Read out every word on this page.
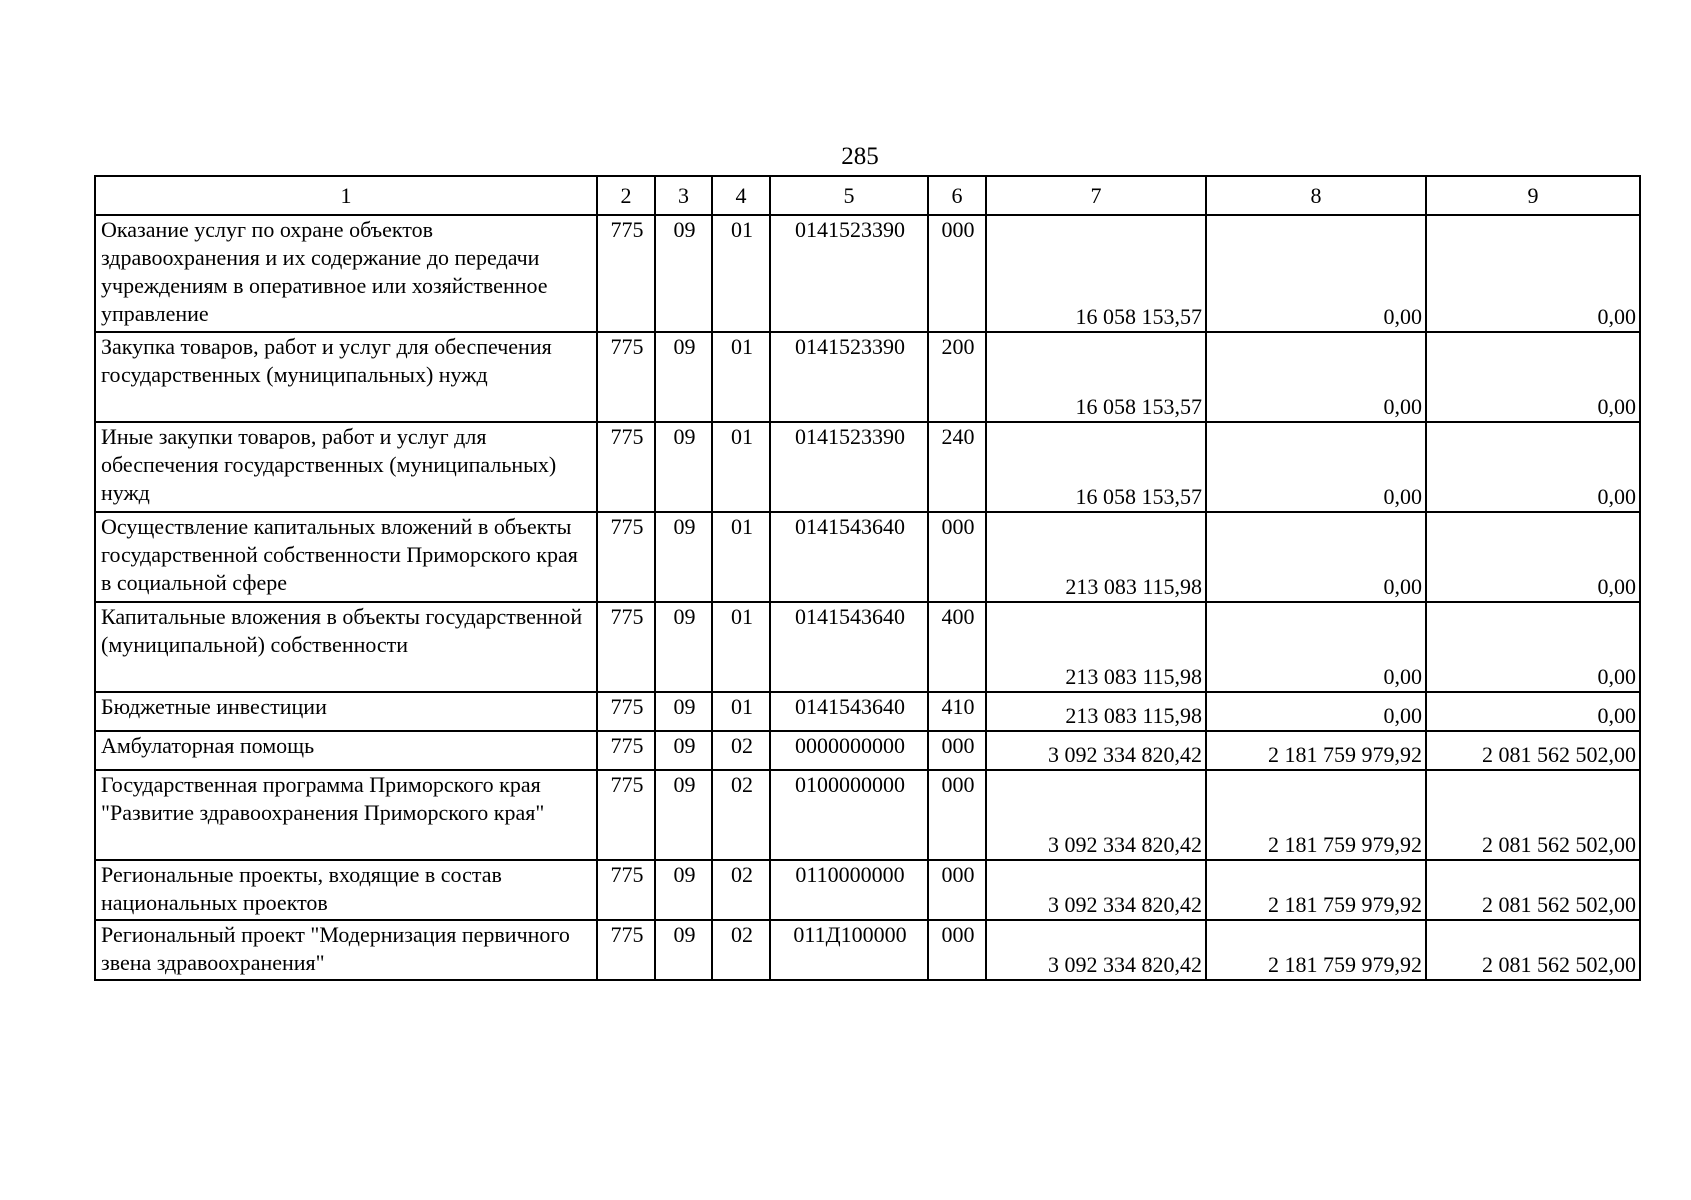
285
1	2	3	4	5	6	7	8	9
Оказание услуг по охране объектов здравоохранения и их содержание до передачи учреждениям в оперативное или хозяйственное управление	775	09	01	0141523390	000	16 058 153,57	0,00	0,00
Закупка товаров, работ и услуг для обеспечения государственных (муниципальных) нужд	775	09	01	0141523390	200	16 058 153,57	0,00	0,00
Иные закупки товаров, работ и услуг для обеспечения государственных (муниципальных) нужд	775	09	01	0141523390	240	16 058 153,57	0,00	0,00
Осуществление капитальных вложений в объекты государственной собственности Приморского края в социальной сфере	775	09	01	0141543640	000	213 083 115,98	0,00	0,00
Капитальные вложения в объекты государственной (муниципальной) собственности	775	09	01	0141543640	400	213 083 115,98	0,00	0,00
Бюджетные инвестиции	775	09	01	0141543640	410	213 083 115,98	0,00	0,00
Амбулаторная помощь	775	09	02	0000000000	000	3 092 334 820,42	2 181 759 979,92	2 081 562 502,00
Государственная программа Приморского края "Развитие здравоохранения Приморского края"	775	09	02	0100000000	000	3 092 334 820,42	2 181 759 979,92	2 081 562 502,00
Региональные проекты, входящие в состав национальных проектов	775	09	02	0110000000	000	3 092 334 820,42	2 181 759 979,92	2 081 562 502,00
Региональный проект "Модернизация первичного звена здравоохранения"	775	09	02	011Д100000	000	3 092 334 820,42	2 181 759 979,92	2 081 562 502,00
